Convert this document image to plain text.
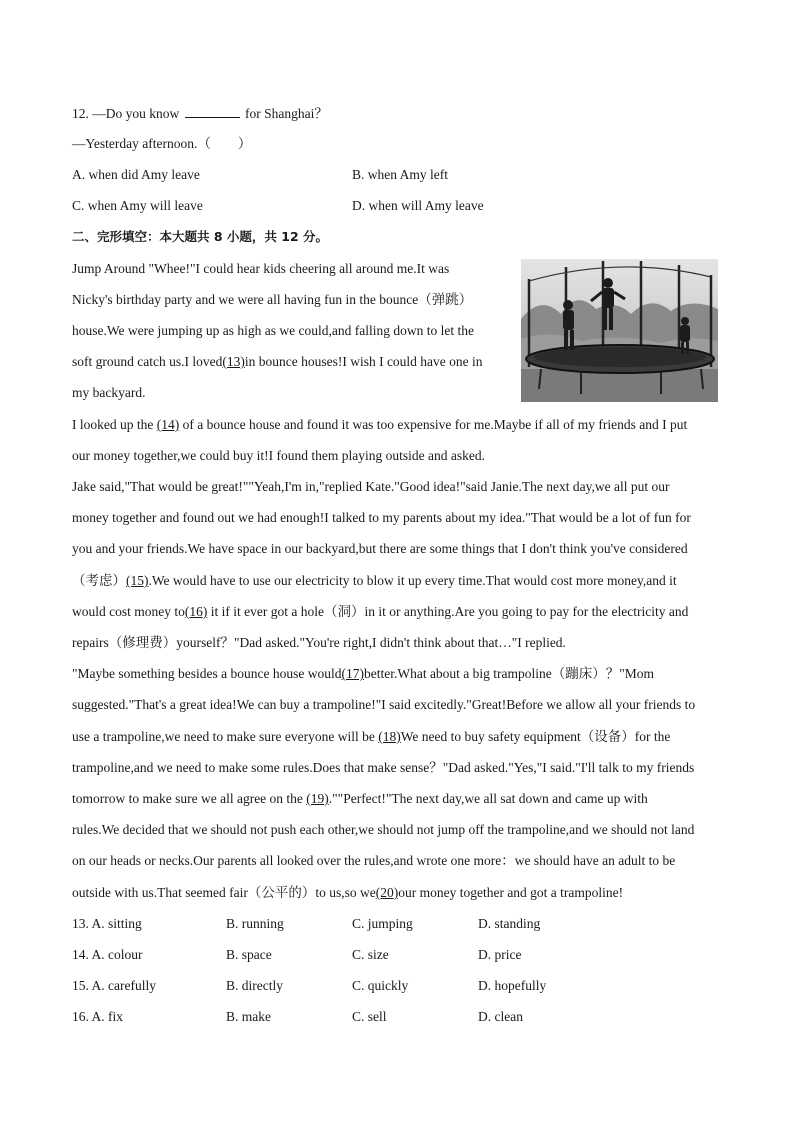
12. —Do you know	for Shanghai？
—Yesterday afternoon.（　　）
A. when did Amy leave	B. when Amy left
C. when Amy will leave	D. when will Amy leave
二、完形填空：本大题共 8 小题，共 12 分。
Jump Around "Whee!"I could hear kids cheering all around me.It was
Nicky's birthday party and we were all having fun in the bounce（弹跳）
house.We were jumping up as high as we could,and falling down to let the
soft ground catch us.I loved(13)in bounce houses!I wish I could have one in
my backyard.
I looked up the (14) of a bounce house and found it was too expensive for me.Maybe if all of my friends and I put
our money together,we could buy it!I found them playing outside and asked.
Jake said,"That would be great!""Yeah,I'm in,"replied Kate."Good idea!"said Janie.The next day,we all put our
money together and found out we had enough!I talked to my parents about my idea."That would be a lot of fun for
you and your friends.We have space in our backyard,but there are some things that I don't think you've considered
（考虑）(15).We would have to use our electricity to blow it up every time.That would cost more money,and it
would cost money to(16) it if it ever got a hole（洞）in it or anything.Are you going to pay for the electricity and
repairs（修理费）yourself？"Dad asked."You're right,I didn't think about that…"I replied.
"Maybe something besides a bounce house would(17)better.What about a big trampoline（蹦床）？"Mom
suggested."That's a great idea!We can buy a trampoline!"I said excitedly."Great!Before we allow all your friends to
use a trampoline,we need to make sure everyone will be (18)We need to buy safety equipment（设备）for the
trampoline,and we need to make some rules.Does that make sense？"Dad asked."Yes,"I said."I'll talk to my friends
tomorrow to make sure we all agree on the (19).""Perfect!"The next day,we all sat down and came up with
rules.We decided that we should not push each other,we should not jump off the trampoline,and we should not land
on our heads or necks.Our parents all looked over the rules,and wrote one more：we should have an adult to be
outside with us.That seemed fair（公平的）to us,so we(20)our money together and got a trampoline!
13. A. sitting	B. running	C. jumping	D. standing
14. A. colour	B. space	C. size	D. price
15. A. carefully	B. directly	C. quickly	D. hopefully
16. A. fix	B. make	C. sell	D. clean
